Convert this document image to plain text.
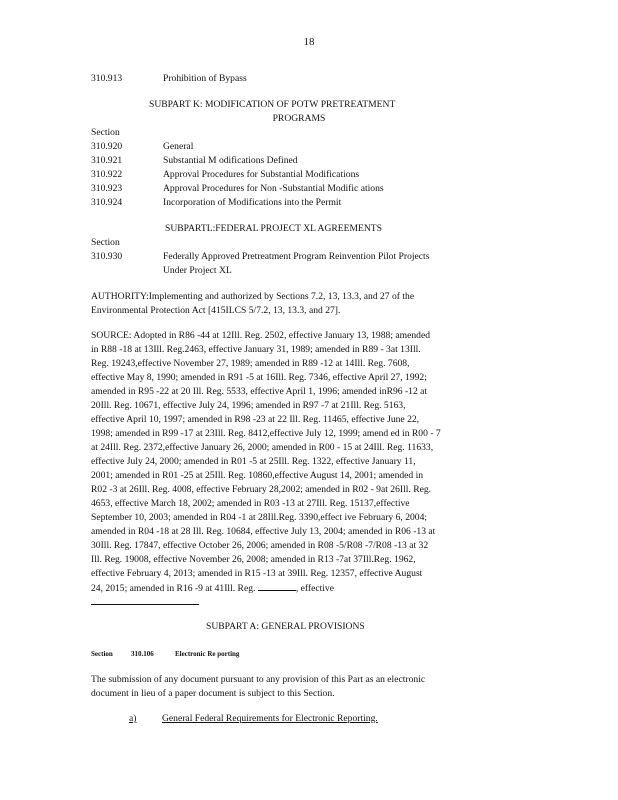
18
310.913	Prohibition of Bypass
SUBPART K: MODIFICATION OF POTW PRETREATMENT
PROGRAMS
Section
310.920	General
310.921	Substantial M odifications Defined
310.922	Approval Procedures for Substantial Modifications
310.923	Approval Procedures for Non -Substantial Modific ations
310.924	Incorporation of Modifications into the Permit
SUBPARTL:FEDERAL PROJECT XL AGREEMENTS
Section
310.930	Federally Approved Pretreatment Program Reinvention Pilot Projects
Under Project XL
AUTHORITY:Implementing and authorized by Sections 7.2, 13, 13.3, and 27 of the
Environmental Protection Act [415ILCS 5/7.2, 13, 13.3, and 27].
SOURCE: Adopted in R86 -44 at 12Ill. Reg. 2502, effective January 13, 1988; amended
in R88 -18 at 13Ill. Reg.2463, effective January 31, 1989; amended in R89 - 3at 13Ill.
Reg. 19243,effective November 27, 1989; amended in R89 -12 at 14Ill. Reg. 7608,
effective May 8, 1990; amended in R91 -5 at 16Ill. Reg. 7346, effective April 27, 1992;
amended in R95 -22 at 20 Ill. Reg. 5533, effective April 1, 1996; amended inR96 -12 at
20Ill. Reg. 10671, effective July 24, 1996; amended in R97 -7 at 21Ill. Reg. 5163,
effective April 10, 1997; amended in R98 -23 at 22 Ill. Reg. 11465, effective June 22,
1998; amended in R99 -17 at 23Ill. Reg. 8412,effective July 12, 1999; amend ed in R00 - 7
at 24Ill. Reg. 2372,effective January 26, 2000; amended in R00 - 15 at 24Ill. Reg. 11633,
effective July 24, 2000; amended in R01 -5 at 25Ill. Reg. 1322, effective January 11,
2001; amended in R01 -25 at 25Ill. Reg. 10860,effective August 14, 2001; amended in
R02 -3 at 26Ill. Reg. 4008, effective February 28,2002; amended in R02 - 9at 26Ill. Reg.
4653, effective March 18, 2002; amended in R03 -13 at 27Ill. Reg. 15137,effective
September 10, 2003; amended in R04 -1 at 28Ill.Reg. 3390,effect ive February 6, 2004;
amended in R04 -18 at 28 Ill. Reg. 10684, effective July 13, 2004; amended in R06 -13 at
30Ill. Reg. 17847, effective October 26, 2006; amended in R08 -5/R08 -7/R08 -13 at 32
Ill. Reg. 19008, effective November 26, 2008; amended in R13 -7at 37Ill.Reg. 1962,
effective February 4, 2013; amended in R15 -13 at 39Ill. Reg. 12357, effective August
24, 2015; amended in R16 -9 at 41Ill. Reg.	, effective
SUBPART A: GENERAL PROVISIONS
Section	310.106	Electronic Re porting
The submission of any document pursuant to any provision of this Part as an electronic
document in lieu of a paper document is subject to this Section.
a)	General Federal Requirements for Electronic Reporting.
